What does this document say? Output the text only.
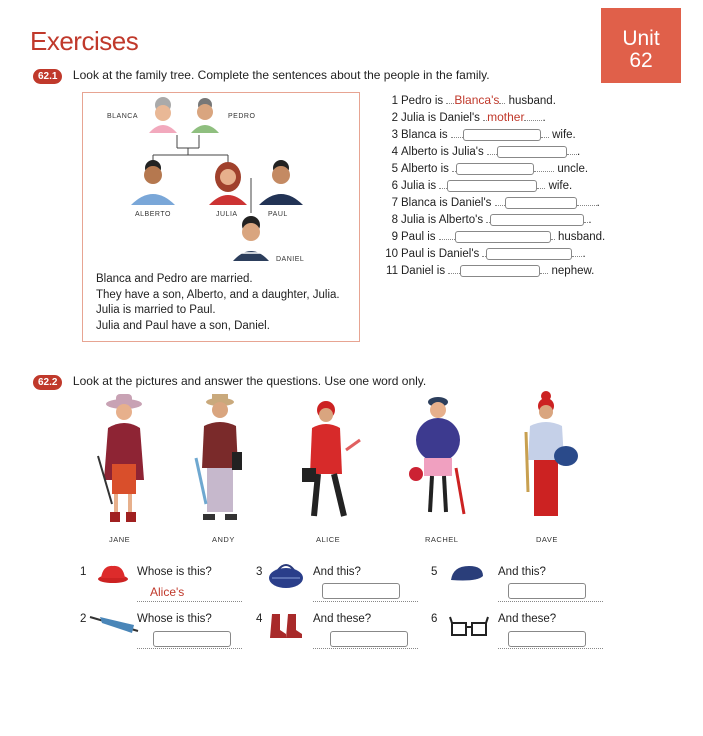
Exercises	Unit
62
62.1 Look at the family tree. Complete the sentences about the people in the family.
BLANCA	PEDRO
ALBERTO	JULIA	PAUL
DANIEL
Blanca and Pedro are married.
They have a son, Alberto, and a daughter, Julia.
Julia is married to Paul.
Julia and Paul have a son, Daniel.
1 Pedro is Blanca's husband.
2 Julia is Daniel's mother .
3 Blanca is	wife.
4 Alberto is Julia's	.
5 Alberto is	uncle.
6 Julia is	wife.
7 Blanca is Daniel's	.
8 Julia is Alberto's	.
9 Paul is	husband.
10 Paul is Daniel's	.
11 Daniel is	nephew.
62.2 Look at the pictures and answer the questions. Use one word only.
JANE	ANDY	ALICE	RACHEL	DAVE
1	Whose is this?
Alice's
3	And this?	5	And this?
2	Whose is this?	4	And these?	6	And these?
